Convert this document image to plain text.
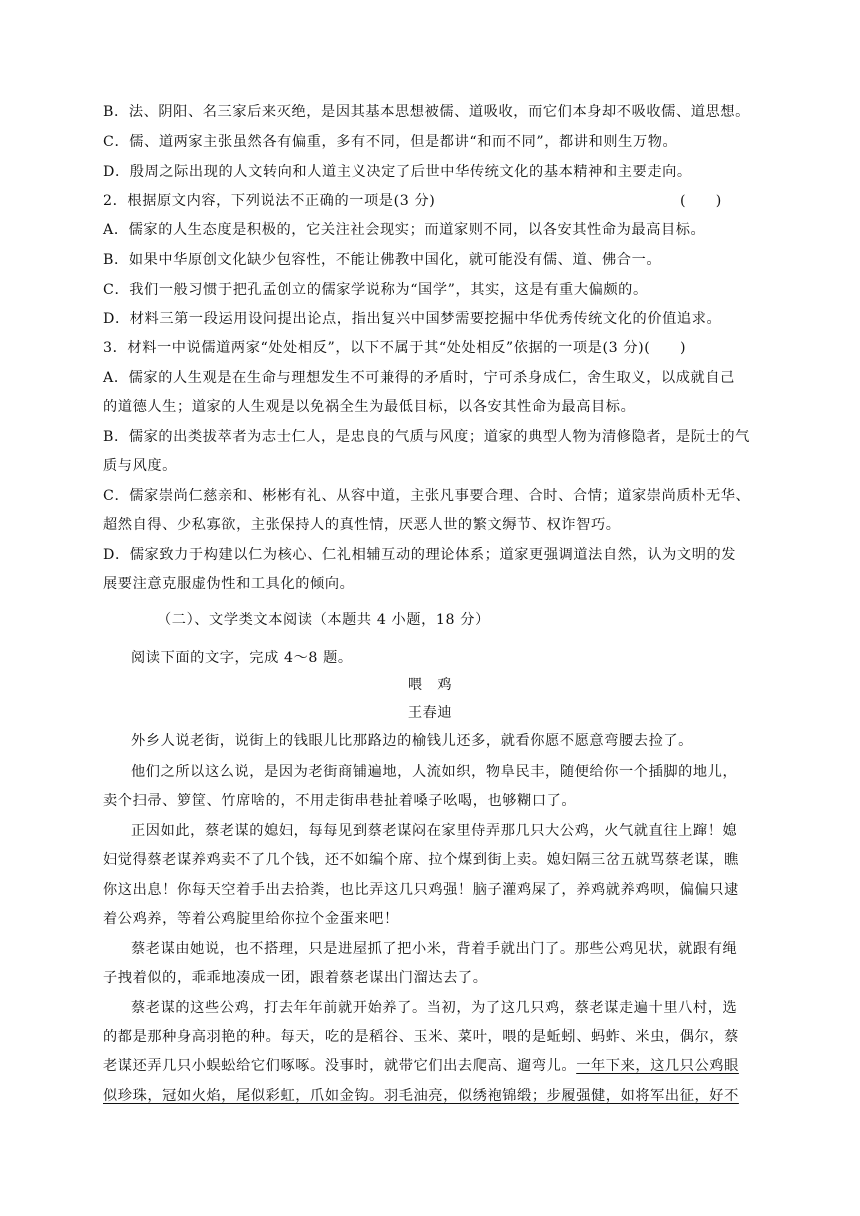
B．法、阴阳、名三家后来灭绝，是因其基本思想被儒、道吸收，而它们本身却不吸收儒、道思想。
C．儒、道两家主张虽然各有偏重，多有不同，但是都讲“和而不同”，都讲和则生万物。
D．殷周之际出现的人文转向和人道主义决定了后世中华传统文化的基本精神和主要走向。
2．根据原文内容，下列说法不正确的一项是(3 分)	(　　)
A．儒家的人生态度是积极的，它关注社会现实；而道家则不同，以各安其性命为最高目标。
B．如果中华原创文化缺少包容性，不能让佛教中国化，就可能没有儒、道、佛合一。
C．我们一般习惯于把孔孟创立的儒家学说称为“国学”，其实，这是有重大偏颇的。
D．材料三第一段运用设问提出论点，指出复兴中国梦需要挖掘中华优秀传统文化的价值追求。
3．材料一中说儒道两家“处处相反”，以下不属于其“处处相反”依据的一项是(3 分)(　　)
A．儒家的人生观是在生命与理想发生不可兼得的矛盾时，宁可杀身成仁，舍生取义，以成就自己
的道德人生；道家的人生观是以免祸全生为最低目标，以各安其性命为最高目标。
B．儒家的出类拔萃者为志士仁人，是忠良的气质与风度；道家的典型人物为清修隐者，是阮士的气
质与风度。
C．儒家崇尚仁慈亲和、彬彬有礼、从容中道，主张凡事要合理、合时、合情；道家崇尚质朴无华、
超然自得、少私寡欲，主张保持人的真性情，厌恶人世的繁文缛节、权诈智巧。
D．儒家致力于构建以仁为核心、仁礼相辅互动的理论体系；道家更强调道法自然，认为文明的发
展要注意克服虚伪性和工具化的倾向。
（二）、文学类文本阅读（本题共 4 小题，18 分）
阅读下面的文字，完成 4～8 题。
喂　鸡
王春迪
外乡人说老街，说街上的钱眼儿比那路边的榆钱儿还多，就看你愿不愿意弯腰去捡了。
他们之所以这么说，是因为老街商铺遍地，人流如织，物阜民丰，随便给你一个插脚的地儿，
卖个扫帚、箩筐、竹席啥的，不用走街串巷扯着嗓子吆喝，也够糊口了。
正因如此，蔡老谋的媳妇，每每见到蔡老谋闷在家里侍弄那几只大公鸡，火气就直往上蹿！媳
妇觉得蔡老谋养鸡卖不了几个钱，还不如编个席、拉个煤到街上卖。媳妇隔三岔五就骂蔡老谋，瞧
你这出息！你每天空着手出去拾粪，也比弄这几只鸡强！脑子灌鸡屎了，养鸡就养鸡呗，偏偏只逮
着公鸡养，等着公鸡腚里给你拉个金蛋来吧！
蔡老谋由她说，也不搭理，只是进屋抓了把小米，背着手就出门了。那些公鸡见状，就跟有绳
子拽着似的，乖乖地凑成一团，跟着蔡老谋出门溜达去了。
蔡老谋的这些公鸡，打去年年前就开始养了。当初，为了这几只鸡，蔡老谋走遍十里八村，选
的都是那种身高羽艳的种。每天，吃的是稻谷、玉米、菜叶，喂的是蚯蚓、蚂蚱、米虫，偶尔，蔡
老谋还弄几只小蜈蚣给它们啄啄。没事时，就带它们出去爬高、遛弯儿。一年下来，这几只公鸡眼
似珍珠，冠如火焰，尾似彩虹，爪如金钩。羽毛油亮，似绣袍锦缎；步履强健，如将军出征，好不
